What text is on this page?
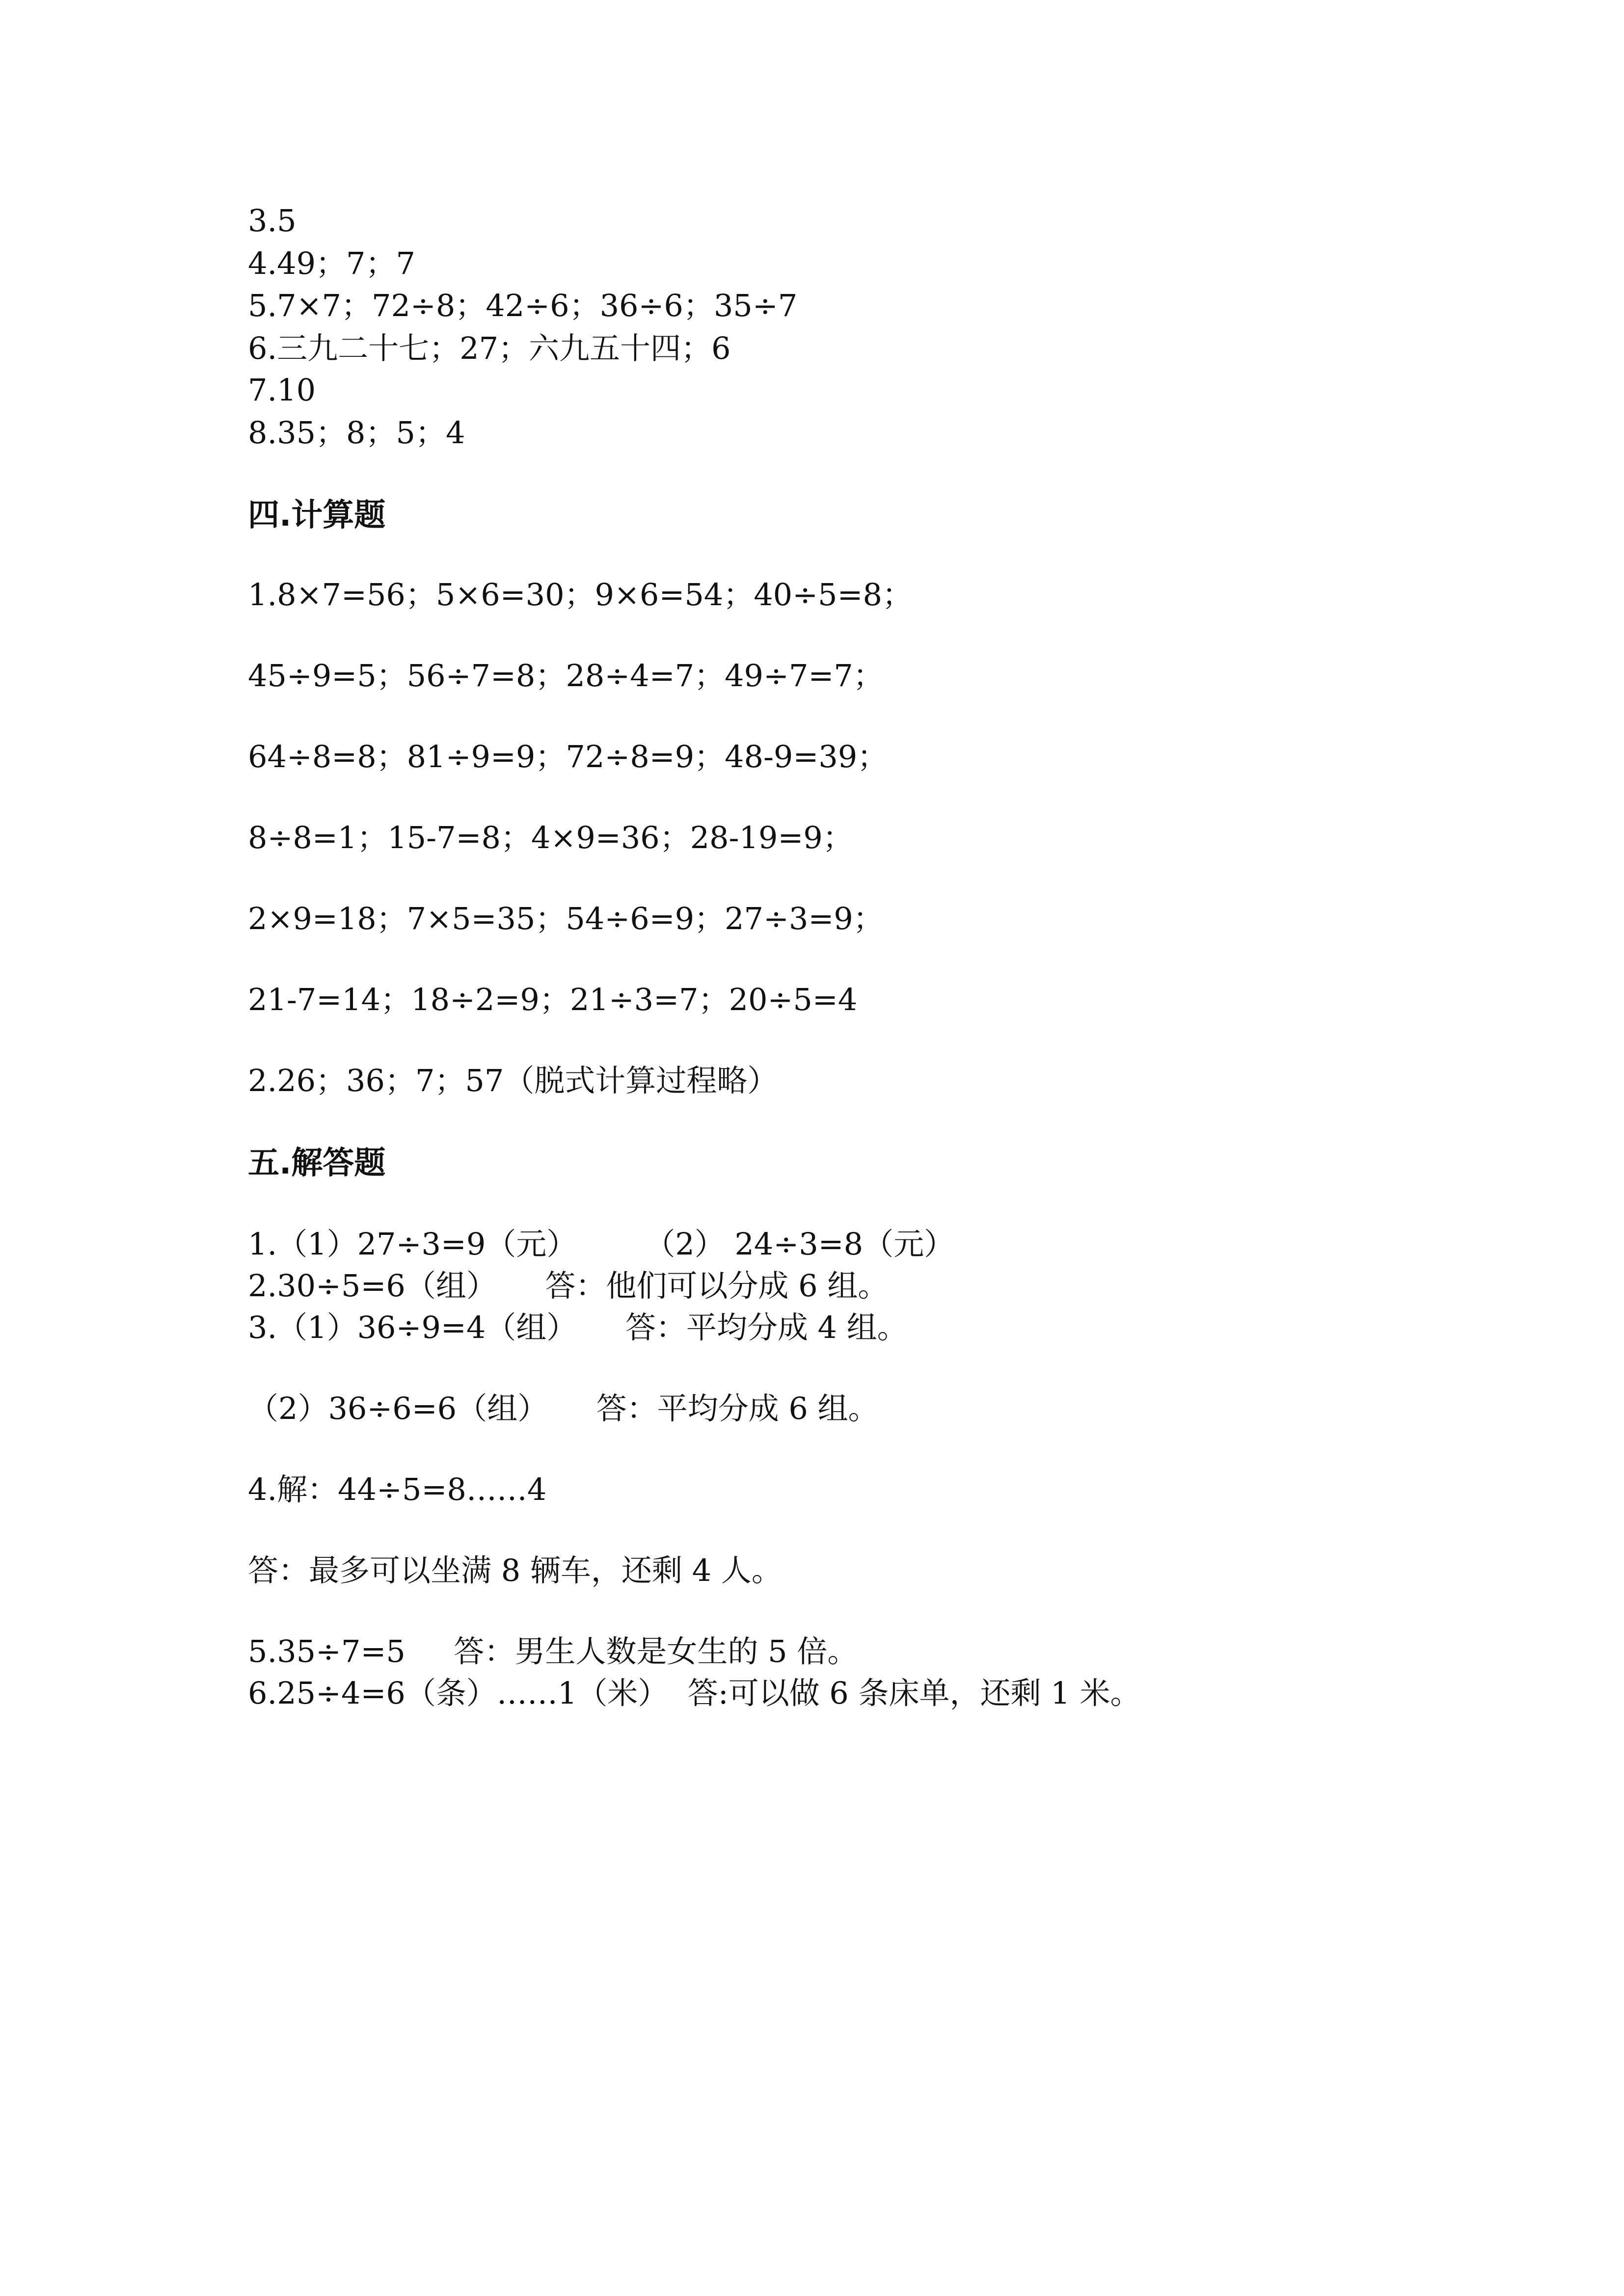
3.5

4.49；7；7

5.7×7；72÷8；42÷6；36÷6；35÷7

6.三九二十七；27；六九五十四；6

7.10

8.35；8；5；4

四.计算题

1.8×7=56；5×6=30；9×6=54；40÷5=8；

45÷9=5；56÷7=8；28÷4=7；49÷7=7；

64÷8=8；81÷9=9；72÷8=9；48-9=39；

8÷8=1；15-7=8；4×9=36；28-19=9；

2×9=18；7×5=35；54÷6=9；27÷3=9；

21-7=14；18÷2=9；21÷3=7；20÷5=4

2.26；36；7；57（脱式计算过程略）

五.解答题

1.（1）27÷3=9（元）       （2） 24÷3=8（元）

2.30÷5=6（组）     答：他们可以分成 6 组。

3.（1）36÷9=4（组）     答：平均分成 4 组。

（2）36÷6=6（组）     答：平均分成 6 组。

4.解：44÷5=8……4

答：最多可以坐满 8 辆车，还剩 4 人。

5.35÷7=5     答：男生人数是女生的 5 倍。

6.25÷4=6（条）……1（米）  答:可以做 6 条床单，还剩 1 米。
